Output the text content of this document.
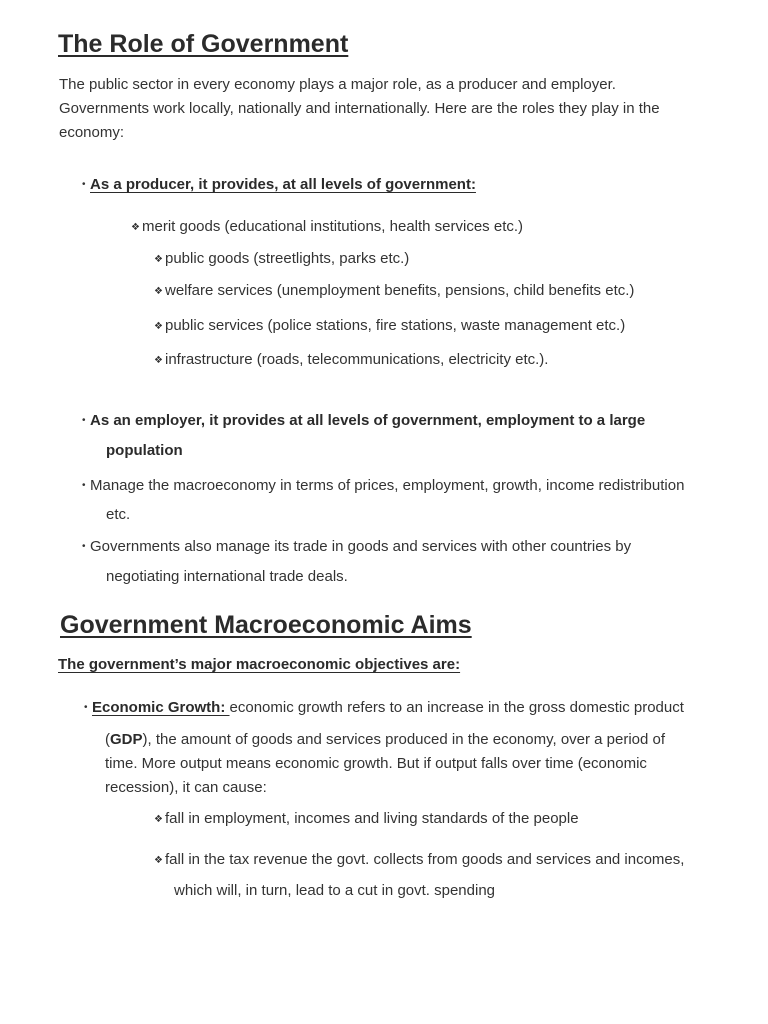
The Role of Government
The public sector in every economy plays a major role, as a producer and employer.
Governments work locally, nationally and internationally. Here are the roles they play in the
economy:
• As a producer, it provides, at all levels of government:
❖ merit goods (educational institutions, health services etc.)
❖ public goods (streetlights, parks etc.)
❖ welfare services (unemployment benefits, pensions, child benefits etc.)
❖ public services (police stations, fire stations, waste management etc.)
❖ infrastructure (roads, telecommunications, electricity etc.).
• As an employer, it provides at all levels of government, employment to a large
population
• Manage the macroeconomy in terms of prices, employment, growth, income redistribution
etc.
• Governments also manage its trade in goods and services with other countries by
negotiating international trade deals.
Government Macroeconomic Aims
The government’s major macroeconomic objectives are:
• Economic Growth: economic growth refers to an increase in the gross domestic product
(GDP), the amount of goods and services produced in the economy, over a period of
time. More output means economic growth. But if output falls over time (economic
recession), it can cause:
❖ fall in employment, incomes and living standards of the people
❖ fall in the tax revenue the govt. collects from goods and services and incomes,
which will, in turn, lead to a cut in govt. spending
